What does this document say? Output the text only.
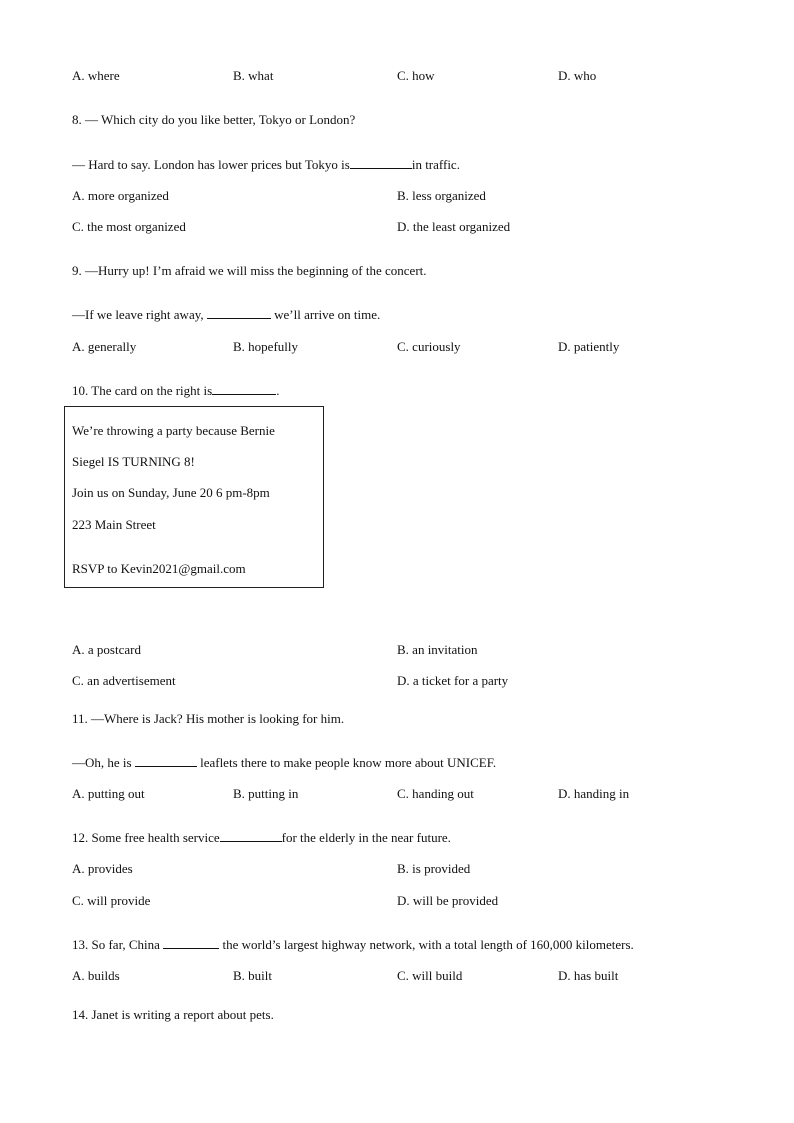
A. where	B. what	C. how	D. who
8. — Which city do you like better, Tokyo or London?
— Hard to say. London has lower prices but Tokyo is	in traffic.
A. more organized	B. less organized
C. the most organized	D. the least organized
9. —Hurry up! I’m afraid we will miss the beginning of the concert.
—If we leave right away,	we’ll arrive on time.
A. generally	B. hopefully	C. curiously	D. patiently
10. The card on the right is	.
We’re throwing a party because Bernie
Siegel IS TURNING 8!
Join us on Sunday, June 20 6 pm-8pm
223 Main Street
RSVP to Kevin2021@gmail.com
A. a postcard	B. an invitation
C. an advertisement	D. a ticket for a party
11. —Where is Jack? His mother is looking for him.
—Oh, he is	leaflets there to make people know more about UNICEF.
A. putting out	B. putting in	C. handing out	D. handing in
12. Some free health service	for the elderly in the near future.
A. provides	B. is provided
C. will provide	D. will be provided
13. So far, China	the world’s largest highway network, with a total length of 160,000 kilometers.
A. builds	B. built	C. will build	D. has built
14. Janet is writing a report about pets.
